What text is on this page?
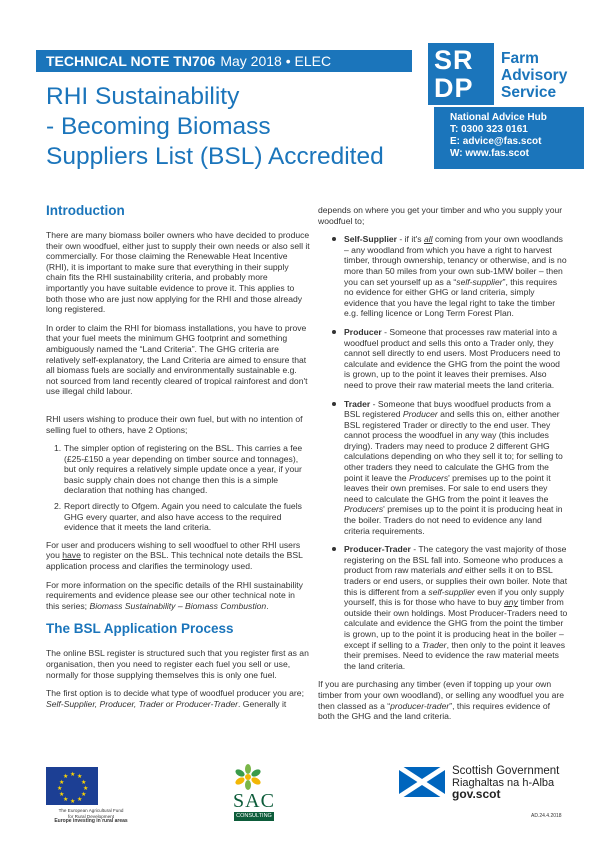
TECHNICAL NOTE TN706 May 2018 • ELEC
RHI Sustainability
- Becoming Biomass
Suppliers List (BSL) Accredited
SR
DP
Farm
Advisory
Service
National Advice Hub
T: 0300 323 0161
E: advice@fas.scot
W: www.fas.scot
Introduction

There are many biomass boiler owners who have decided to produce their own woodfuel, either just to supply their own needs or also sell it commercially. For those claiming the Renewable Heat Incentive (RHI), it is important to make sure that everything in their supply chain fits the RHI sustainability criteria, and probably more importantly you have suitable evidence to prove it. This applies to both those who are just now applying for the RHI and those already long registered.

In order to claim the RHI for biomass installations, you have to prove that your fuel meets the minimum GHG footprint and something ambiguously named the “Land Criteria”. The GHG criteria are relatively self-explanatory, the Land Criteria are aimed to ensure that all biomass fuels are socially and environmentally sustainable e.g. not sourced from land recently cleared of tropical rainforest and don't use illegal child labour.

RHI users wishing to produce their own fuel, but with no intention of selling fuel to others, have 2 Options;

1. The simpler option of registering on the BSL. This carries a fee (£25-£150 a year depending on timber source and tonnages), but only requires a relatively simple update once a year, if your basic supply chain does not change then this is a simple declaration that nothing has changed.
2. Report directly to Ofgem. Again you need to calculate the fuels GHG every quarter, and also have access to the required evidence that it meets the land criteria.

For user and producers wishing to sell woodfuel to other RHI users you have to register on the BSL. This technical note details the BSL application process and clarifies the terminology used.

For more information on the specific details of the RHI sustainability requirements and evidence please see our other technical note in this series; Biomass Sustainability – Biomass Combustion.

The BSL Application Process

The online BSL register is structured such that you register first as an organisation, then you need to register each fuel you sell or use, normally for those supplying themselves this is only one fuel.

The first option is to decide what type of woodfuel producer you are; Self-Supplier, Producer, Trader or Producer-Trader. Generally it

depends on where you get your timber and who you supply your woodfuel to;

Self-Supplier - if it's all coming from your own woodlands – any woodland from which you have a right to harvest timber, through ownership, tenancy or otherwise, and is no more than 50 miles from your own sub-1MW boiler – then you can set yourself up as a “self-supplier”, this requires no evidence for either GHG or land criteria, simply evidence that you have the legal right to take the timber e.g. felling licence or Long Term Forest Plan.
Producer - Someone that processes raw material into a woodfuel product and sells this onto a Trader only, they cannot sell directly to end users. Most Producers need to calculate and evidence the GHG from the point the wood is grown, up to the point it leaves their premises. Also need to prove their raw material meets the land criteria.
Trader - Someone that buys woodfuel products from a BSL registered Producer and sells this on, either another BSL registered Trader or directly to the end user. They cannot process the woodfuel in any way (this includes drying). Traders may need to produce 2 different GHG calculations depending on who they sell it to; for selling to other traders they need to calculate the GHG from the point it leave the Producers' premises up to the point it leaves their own premises. For sale to end users they need to calculate the GHG from the point it leaves the Producers' premises up to the point it is producing heat in the boiler. Traders do not need to evidence any land criteria requirements.
Producer-Trader - The category the vast majority of those registering on the BSL fall into. Someone who produces a product from raw materials and either sells it on to BSL traders or end users, or supplies their own boiler. Note that this is different from a self-supplier even if you only supply yourself, this is for those who have to buy any timber from outside their own holdings. Most Producer-Traders need to calculate and evidence the GHG from the point the timber is grown, up to the point it is producing heat in the boiler – except if selling to a Trader, then only to the point it leaves their premises. Need to evidence the raw material meets the land criteria.

If you are purchasing any timber (even if topping up your own timber from your own woodland), or selling any woodfuel you are then classed as a “producer-trader”, this requires evidence of both the GHG and the land criteria.

★ ★
★
★
★
★
★
★
★
★
★
★
The European Agricultural Fund
for Rural Development
Europe investing in rural areas
SAC
CONSULTING
Scottish Government
Riaghaltas na h-Alba
gov.scot
AD.24.4.2018
